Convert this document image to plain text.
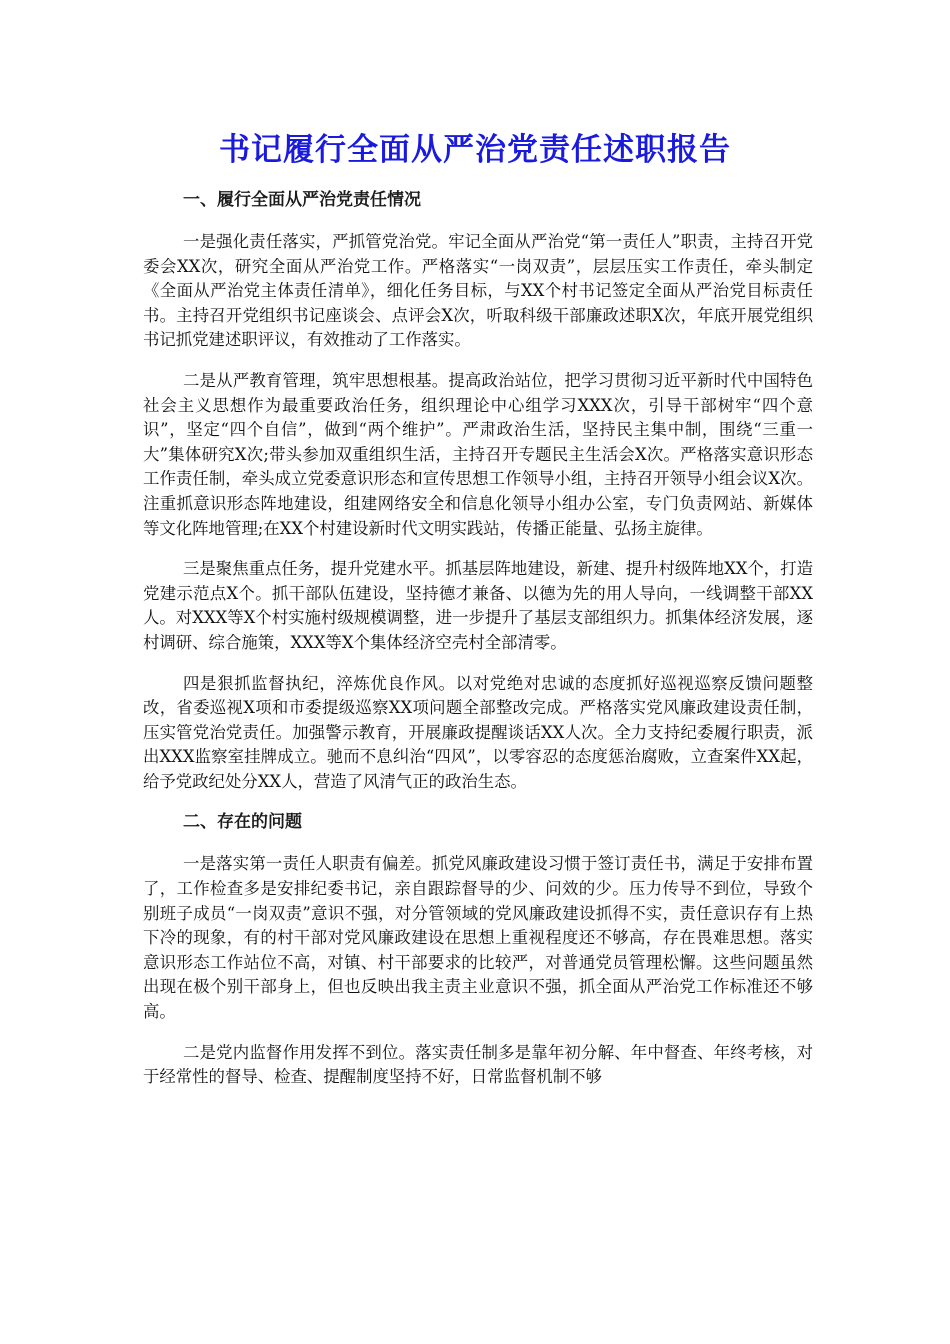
书记履行全面从严治党责任述职报告
一、履行全面从严治党责任情况

一是强化责任落实，严抓管党治党。牢记全面从严治党“第一责任人”职责，主持召开党委会XX次，研究全面从严治党工作。严格落实“一岗双责”，层层压实工作责任，牵头制定《全面从严治党主体责任清单》，细化任务目标，与XX个村书记签定全面从严治党目标责任书。主持召开党组织书记座谈会、点评会X次，听取科级干部廉政述职X次，年底开展党组织书记抓党建述职评议，有效推动了工作落实。

二是从严教育管理，筑牢思想根基。提高政治站位，把学习贯彻习近平新时代中国特色社会主义思想作为最重要政治任务，组织理论中心组学习XXX次，引导干部树牢“四个意识”，坚定“四个自信”，做到“两个维护”。严肃政治生活，坚持民主集中制，围绕“三重一大”集体研究X次;带头参加双重组织生活，主持召开专题民主生活会X次。严格落实意识形态工作责任制，牵头成立党委意识形态和宣传思想工作领导小组，主持召开领导小组会议X次。注重抓意识形态阵地建设，组建网络安全和信息化领导小组办公室，专门负责网站、新媒体等文化阵地管理;在XX个村建设新时代文明实践站，传播正能量、弘扬主旋律。

三是聚焦重点任务，提升党建水平。抓基层阵地建设，新建、提升村级阵地XX个，打造党建示范点X个。抓干部队伍建设，坚持德才兼备、以德为先的用人导向，一线调整干部XX人。对XXX等X个村实施村级规模调整，进一步提升了基层支部组织力。抓集体经济发展，逐村调研、综合施策，XXX等X个集体经济空壳村全部清零。

四是狠抓监督执纪，淬炼优良作风。以对党绝对忠诚的态度抓好巡视巡察反馈问题整改，省委巡视X项和市委提级巡察XX项问题全部整改完成。严格落实党风廉政建设责任制，压实管党治党责任。加强警示教育，开展廉政提醒谈话XX人次。全力支持纪委履行职责，派出XXX监察室挂牌成立。驰而不息纠治“四风”，以零容忍的态度惩治腐败，立查案件XX起，给予党政纪处分XX人，营造了风清气正的政治生态。

二、存在的问题

一是落实第一责任人职责有偏差。抓党风廉政建设习惯于签订责任书，满足于安排布置了，工作检查多是安排纪委书记，亲自跟踪督导的少、问效的少。压力传导不到位，导致个别班子成员“一岗双责”意识不强，对分管领域的党风廉政建设抓得不实，责任意识存有上热下冷的现象，有的村干部对党风廉政建设在思想上重视程度还不够高，存在畏难思想。落实意识形态工作站位不高，对镇、村干部要求的比较严，对普通党员管理松懈。这些问题虽然出现在极个别干部身上，但也反映出我主责主业意识不强，抓全面从严治党工作标准还不够高。

二是党内监督作用发挥不到位。落实责任制多是靠年初分解、年中督查、年终考核，对于经常性的督导、检查、提醒制度坚持不好，日常监督机制不够
